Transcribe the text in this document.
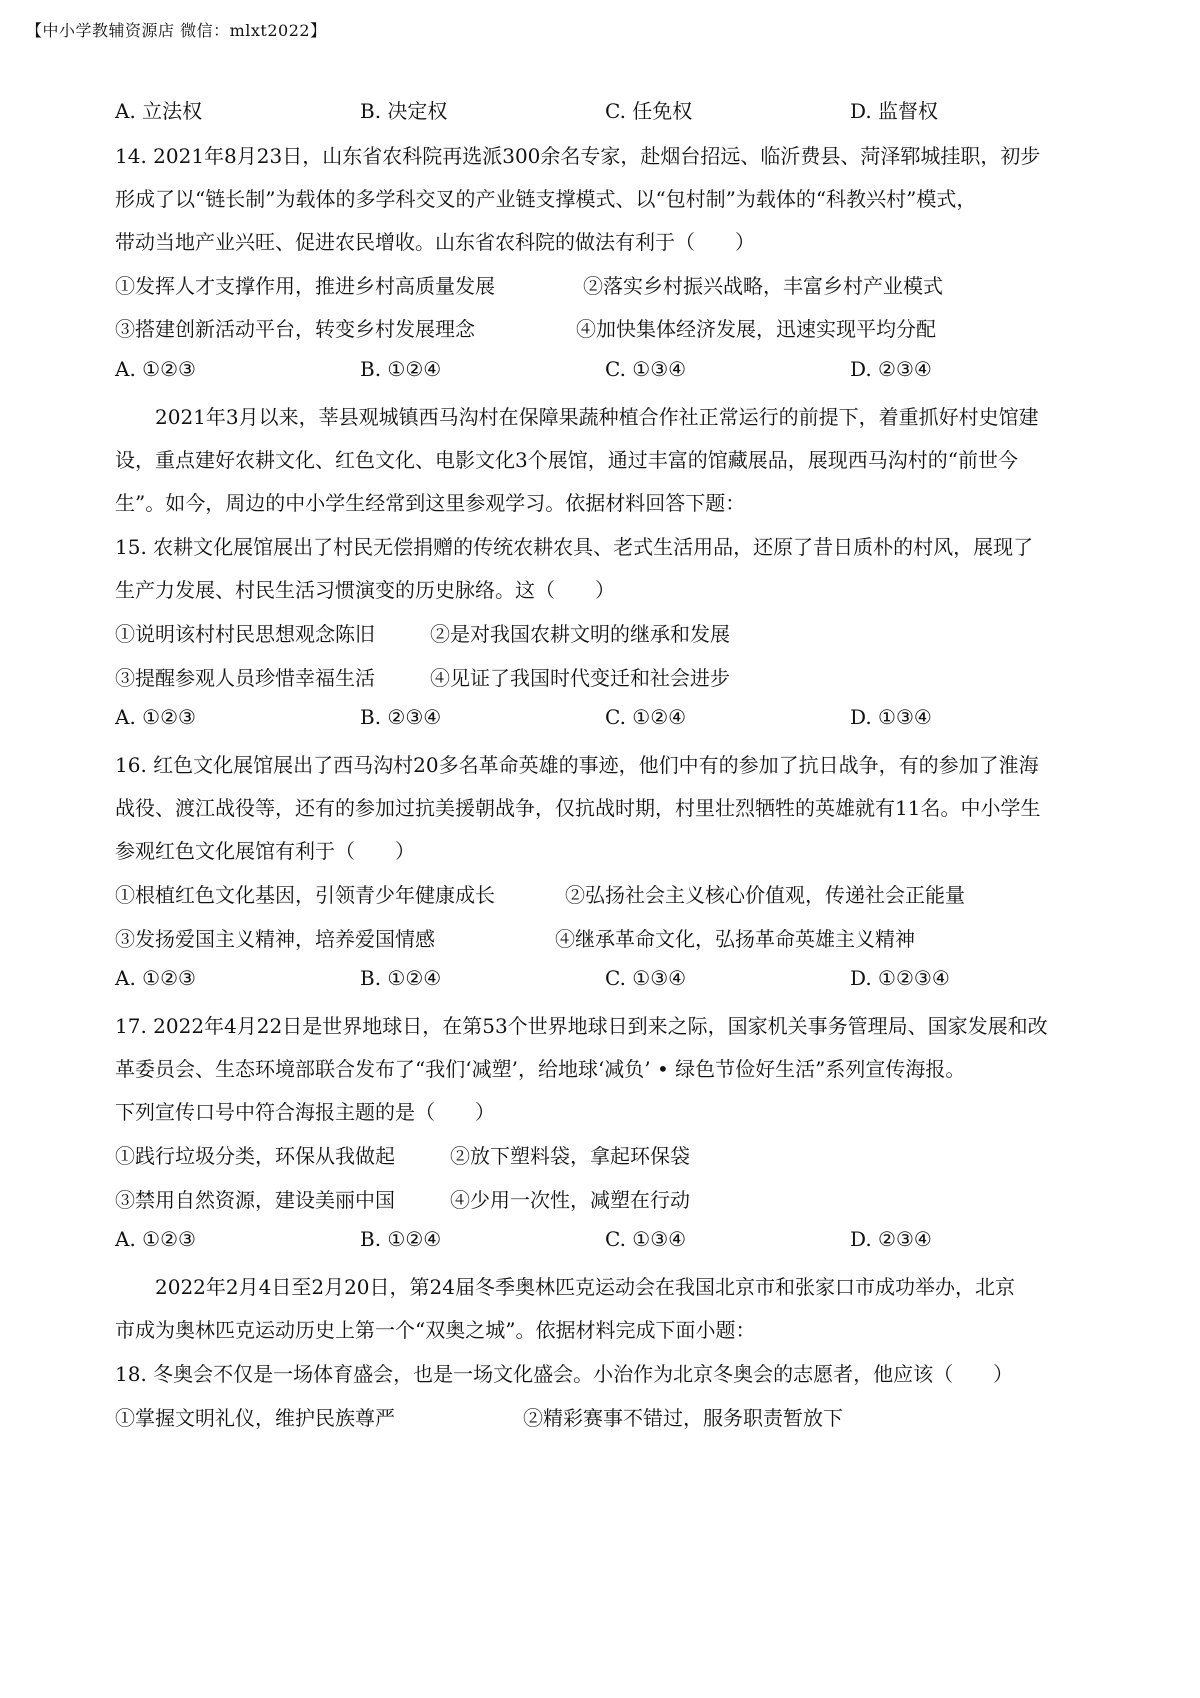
【中小学教辅资源店 微信：mlxt2022】
A. 立法权	B. 决定权	C. 任免权	D. 监督权
14. 2021年8月23日，山东省农科院再选派300余名专家，赴烟台招远、临沂费县、菏泽郓城挂职，初步
形成了以“链长制”为载体的多学科交叉的产业链支撑模式、以“包村制”为载体的“科教兴村”模式，
带动当地产业兴旺、促进农民增收。山东省农科院的做法有利于（　　）
①发挥人才支撑作用，推进乡村高质量发展	②落实乡村振兴战略，丰富乡村产业模式
③搭建创新活动平台，转变乡村发展理念	④加快集体经济发展，迅速实现平均分配
A. ①②③	B. ①②④	C. ①③④	D. ②③④
2021年3月以来，莘县观城镇西马沟村在保障果蔬种植合作社正常运行的前提下，着重抓好村史馆建
设，重点建好农耕文化、红色文化、电影文化3个展馆，通过丰富的馆藏展品，展现西马沟村的“前世今
生”。如今，周边的中小学生经常到这里参观学习。依据材料回答下题：
15. 农耕文化展馆展出了村民无偿捐赠的传统农耕农具、老式生活用品，还原了昔日质朴的村风，展现了
生产力发展、村民生活习惯演变的历史脉络。这（　　）
①说明该村村民思想观念陈旧	②是对我国农耕文明的继承和发展
③提醒参观人员珍惜幸福生活	④见证了我国时代变迁和社会进步
A. ①②③	B. ②③④	C. ①②④	D. ①③④
16. 红色文化展馆展出了西马沟村20多名革命英雄的事迹，他们中有的参加了抗日战争，有的参加了淮海
战役、渡江战役等，还有的参加过抗美援朝战争，仅抗战时期，村里壮烈牺牲的英雄就有11名。中小学生
参观红色文化展馆有利于（　　）
①根植红色文化基因，引领青少年健康成长	②弘扬社会主义核心价值观，传递社会正能量
③发扬爱国主义精神，培养爱国情感	④继承革命文化，弘扬革命英雄主义精神
A. ①②③	B. ①②④	C. ①③④	D. ①②③④
17. 2022年4月22日是世界地球日，在第53个世界地球日到来之际，国家机关事务管理局、国家发展和改
革委员会、生态环境部联合发布了“我们‘减塑’，给地球‘减负’ • 绿色节俭好生活”系列宣传海报。
下列宣传口号中符合海报主题的是（　　）
①践行垃圾分类，环保从我做起	②放下塑料袋，拿起环保袋
③禁用自然资源，建设美丽中国	④少用一次性，减塑在行动
A. ①②③	B. ①②④	C. ①③④	D. ②③④
2022年2月4日至2月20日，第24届冬季奥林匹克运动会在我国北京市和张家口市成功举办，北京
市成为奥林匹克运动历史上第一个“双奥之城”。依据材料完成下面小题：
18. 冬奥会不仅是一场体育盛会，也是一场文化盛会。小治作为北京冬奥会的志愿者，他应该（　　）
①掌握文明礼仪，维护民族尊严	②精彩赛事不错过，服务职责暂放下
